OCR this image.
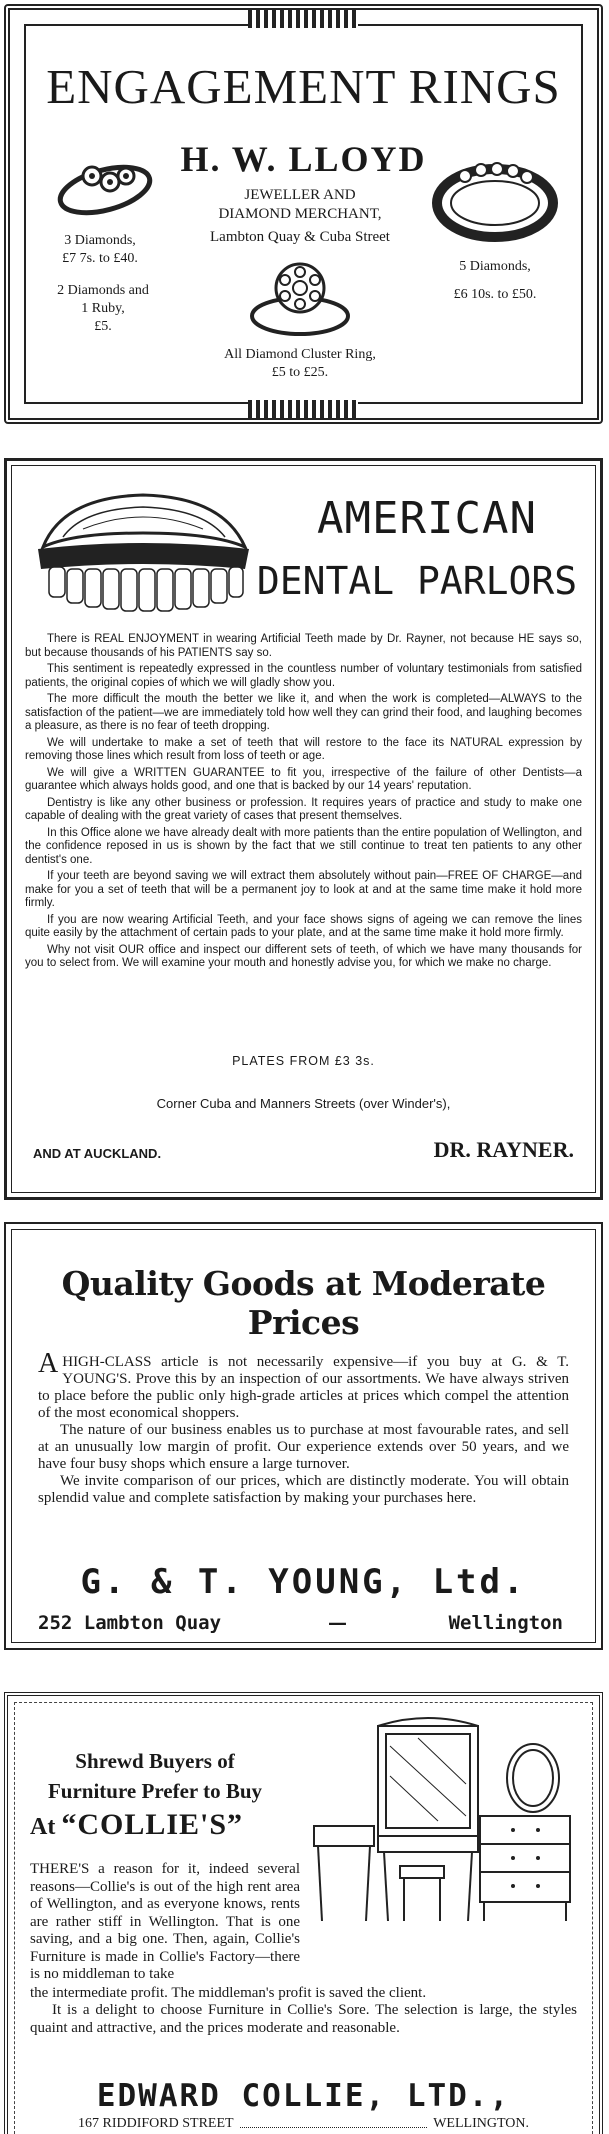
ENGAGEMENT RINGS
H. W. LLOYD
JEWELLER AND
DIAMOND MERCHANT,
Lambton Quay & Cuba Street
3 Diamonds,
£7 7s. to £40.
2 Diamonds and
1 Ruby,
£5.
5 Diamonds,
£6 10s. to £50.
All Diamond Cluster Ring,
£5 to £25.
AMERICAN
DENTAL PARLORS

There is REAL ENJOYMENT in wearing Artificial Teeth made by Dr. Rayner, not because HE says so, but because thousands of his PATIENTS say so.

This sentiment is repeatedly expressed in the countless number of voluntary testimonials from satisfied patients, the original copies of which we will gladly show you.

The more difficult the mouth the better we like it, and when the work is completed—ALWAYS to the satisfaction of the patient—we are immediately told how well they can grind their food, and laughing becomes a pleasure, as there is no fear of teeth dropping.

We will undertake to make a set of teeth that will restore to the face its NATURAL expression by removing those lines which result from loss of teeth or age.

We will give a WRITTEN GUARANTEE to fit you, irrespective of the failure of other Dentists—a guarantee which always holds good, and one that is backed by our 14 years' reputation.

Dentistry is like any other business or profession. It requires years of practice and study to make one capable of dealing with the great variety of cases that present themselves.

In this Office alone we have already dealt with more patients than the entire population of Wellington, and the confidence reposed in us is shown by the fact that we still continue to treat ten patients to any other dentist's one.

If your teeth are beyond saving we will extract them absolutely without pain—FREE OF CHARGE—and make for you a set of teeth that will be a permanent joy to look at and at the same time make it hold more firmly.

If you are now wearing Artificial Teeth, and your face shows signs of ageing we can remove the lines quite easily by the attachment of certain pads to your plate, and at the same time make it hold more firmly.

Why not visit OUR office and inspect our different sets of teeth, of which we have many thousands for you to select from. We will examine your mouth and honestly advise you, for which we make no charge.

PLATES FROM £3 3s.
Corner Cuba and Manners Streets (over Winder's),
AND AT AUCKLAND.	DR. RAYNER.
Quality Goods at Moderate Prices

A HIGH-CLASS article is not necessarily expensive—if you buy at G. & T. YOUNG'S. Prove this by an inspection of our assortments. We have always striven to place before the public only high-grade articles at prices which compel the attention of the most economical shoppers.

The nature of our business enables us to purchase at most favourable rates, and sell at an unusually low margin of profit. Our experience extends over 50 years, and we have four busy shops which ensure a large turnover.

We invite comparison of our prices, which are distinctly moderate. You will obtain splendid value and complete satisfaction by making your purchases here.

G. & T. YOUNG, Ltd.
252 Lambton Quay	—	Wellington
Shrewd Buyers of
Furniture Prefer to Buy
At “COLLIE'S”
THERE'S a reason for it, indeed several reasons—Collie's is out of the high rent area of Wellington, and as everyone knows, rents are rather stiff in Wellington. That is one saving, and a big one. Then, again, Collie's Furniture is made in Collie's Factory—there is no middleman to take
the intermediate profit. The middleman's profit is saved the client.

It is a delight to choose Furniture in Collie's Sore. The selection is large, the styles quaint and attractive, and the prices moderate and reasonable.

EDWARD COLLIE, LTD.,
167 RIDDIFORD STREET	WELLINGTON.
